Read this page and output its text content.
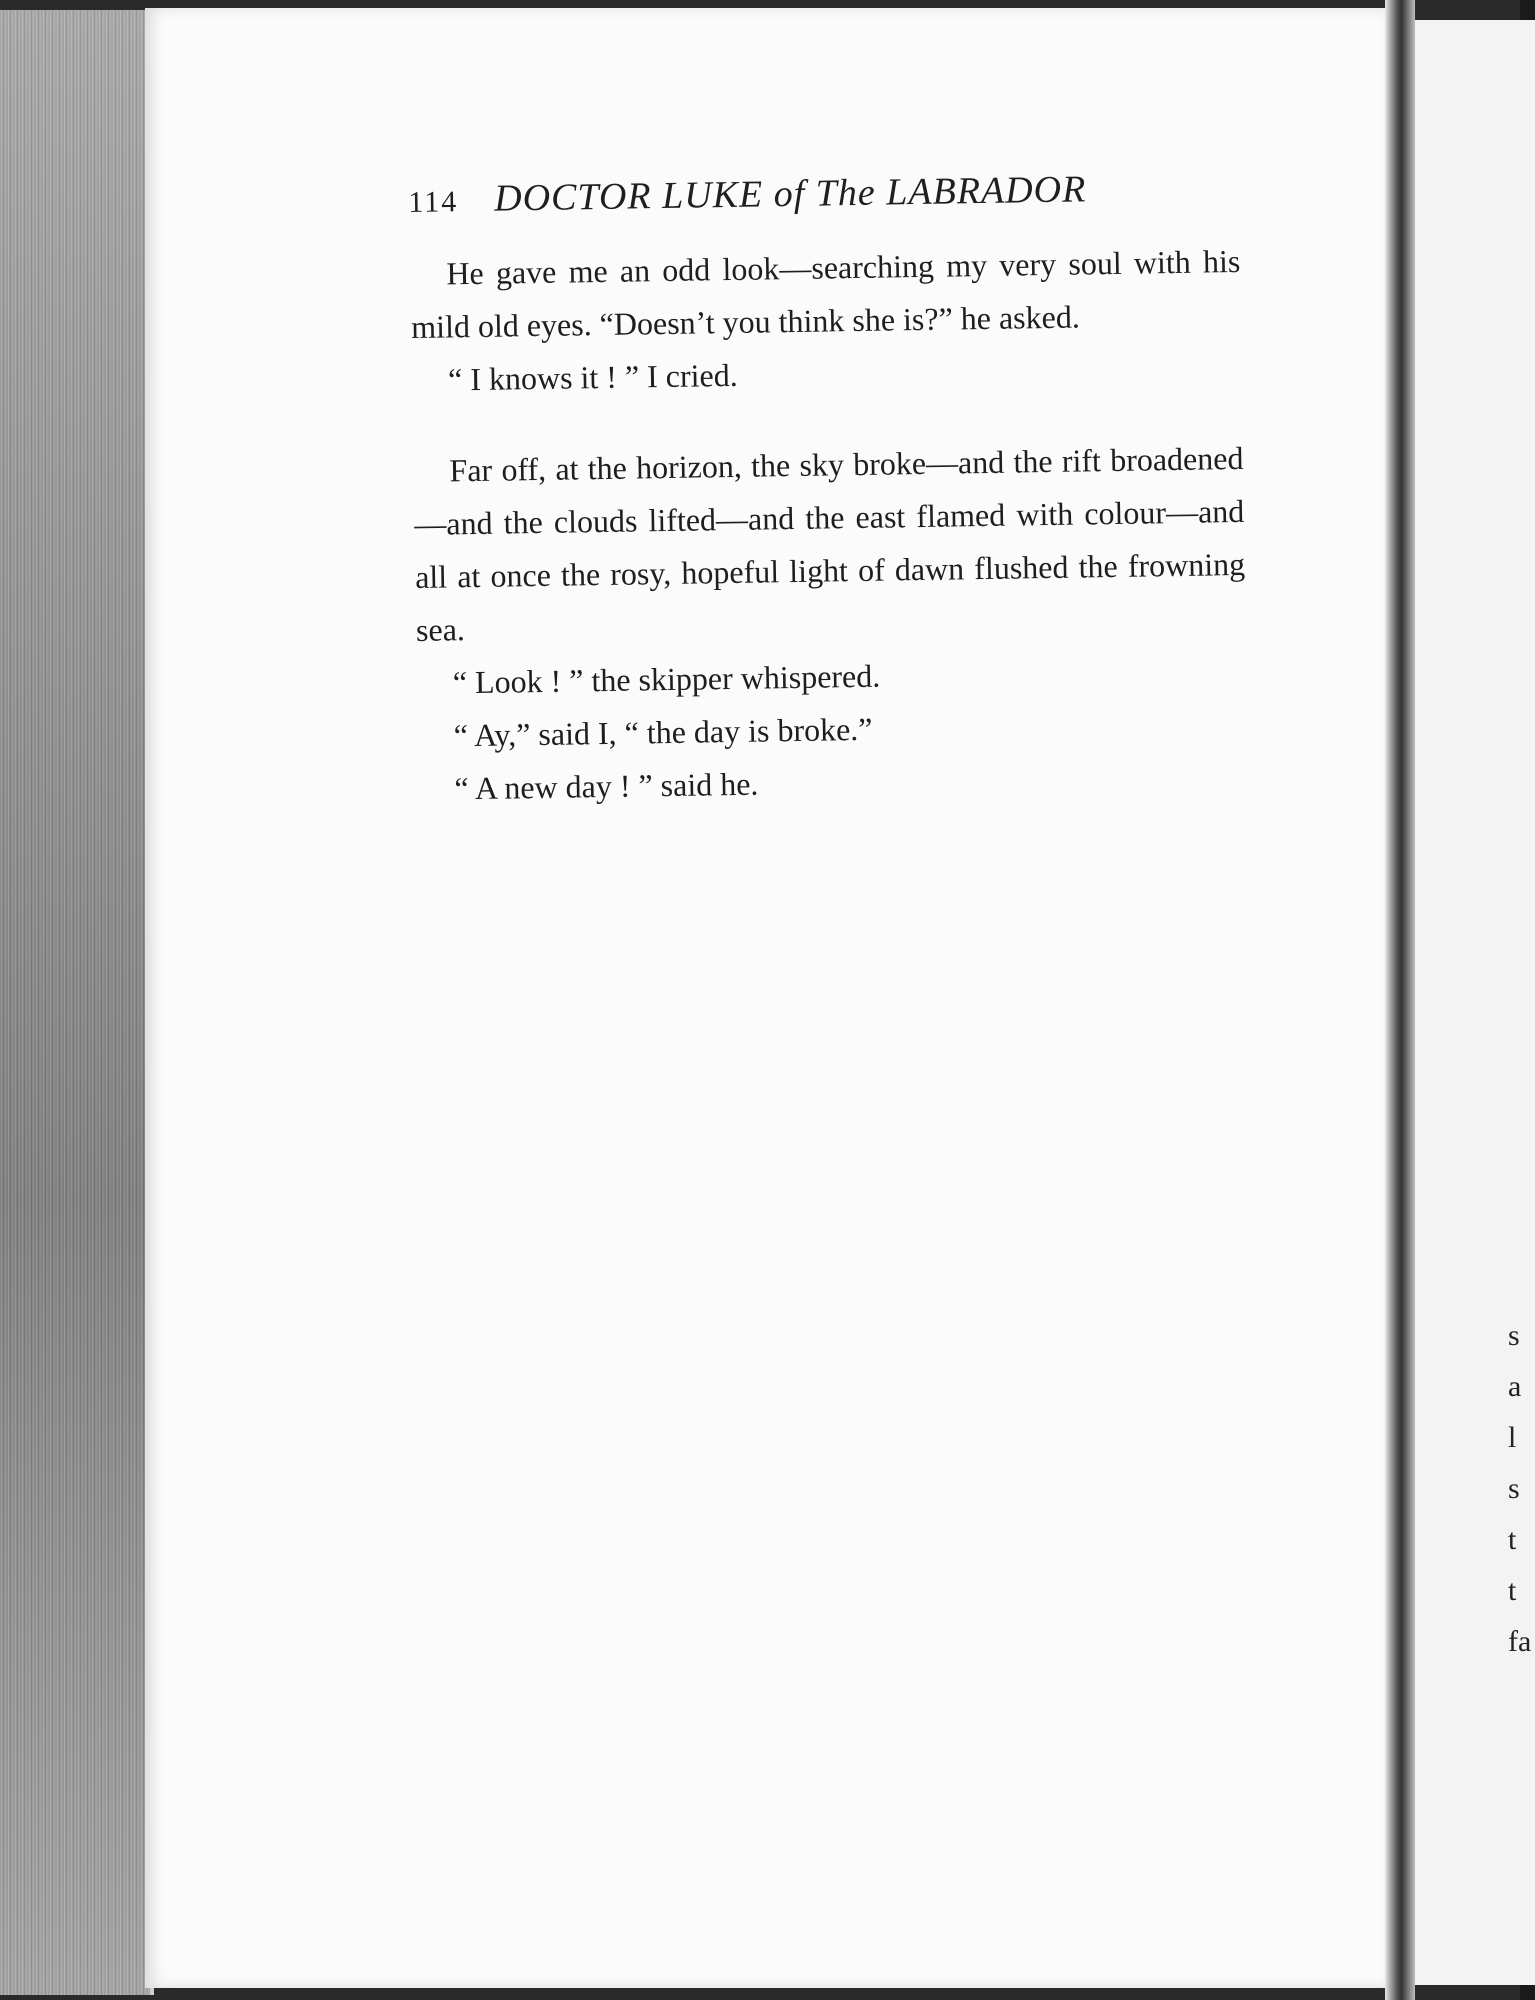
114 DOCTOR LUKE of The LABRADOR

He gave me an odd look—searching my very soul with his mild old eyes. “Doesn’t you think she is?” he asked.

“ I knows it ! ” I cried.

Far off, at the horizon, the sky broke—and the rift broadened—and the clouds lifted—and the east flamed with colour—and all at once the rosy, hopeful light of dawn flushed the frowning sea.

“ Look ! ” the skipper whispered.

“ Ay,” said I, “ the day is broke.”

“ A new day ! ” said he.

s
a
l
s
t
t
fa
